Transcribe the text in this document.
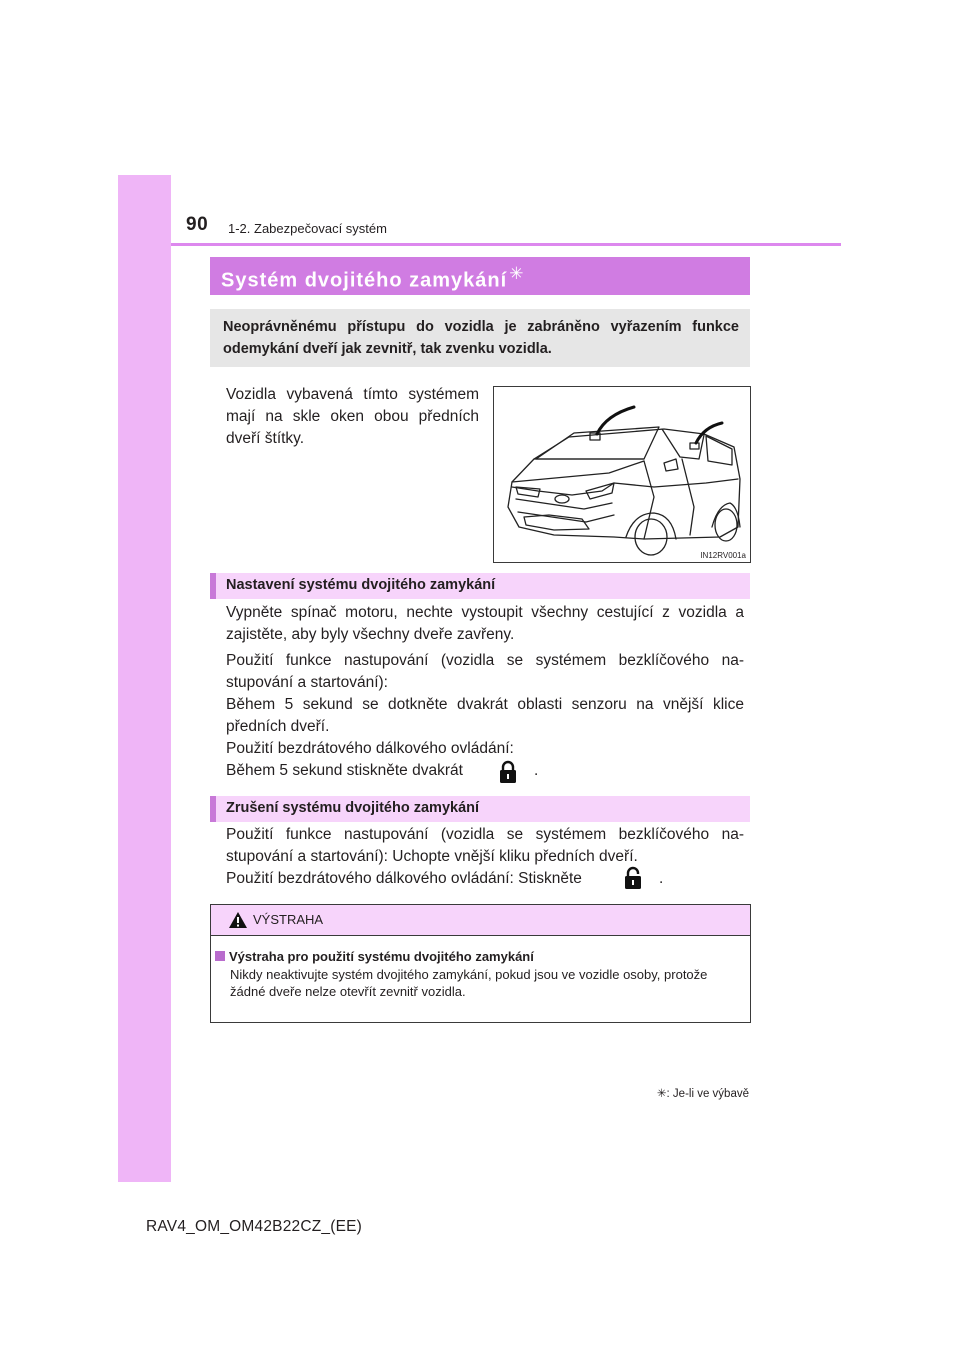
90 1-2. Zabezpečovací systém
Systém dvojitého zamykání ✳
Neoprávněnému přístupu do vozidla je zabráněno vyřazením funkce odemykání dveří jak zevnitř, tak zvenku vozidla.
Vozidla vybavená tímto systémem mají na skle oken obou předních dveří štítky.
IN12RV001a
Nastavení systému dvojitého zamykání
Vypněte spínač motoru, nechte vystoupit všechny cestující z vozidla a zajistěte, aby byly všechny dveře zavřeny.
Použití funkce nastupování (vozidla se systémem bezklíčového na-
stupování a startování):
Během 5 sekund se dotkněte dvakrát oblasti senzoru na vnější klice
předních dveří.
Použití bezdrátového dálkového ovládání:
Během 5 sekund stiskněte dvakrát	.
Zrušení systému dvojitého zamykání
Použití funkce nastupování (vozidla se systémem bezklíčového na-
stupování a startování): Uchopte vnější kliku předních dveří.
Použití bezdrátového dálkového ovládání: Stiskněte	.
VÝSTRAHA
Výstraha pro použití systému dvojitého zamykání
Nikdy neaktivujte systém dvojitého zamykání, pokud jsou ve vozidle osoby, protože žádné dveře nelze otevřít zevnitř vozidla.
✳: Je-li ve výbavě
RAV4_OM_OM42B22CZ_(EE)
